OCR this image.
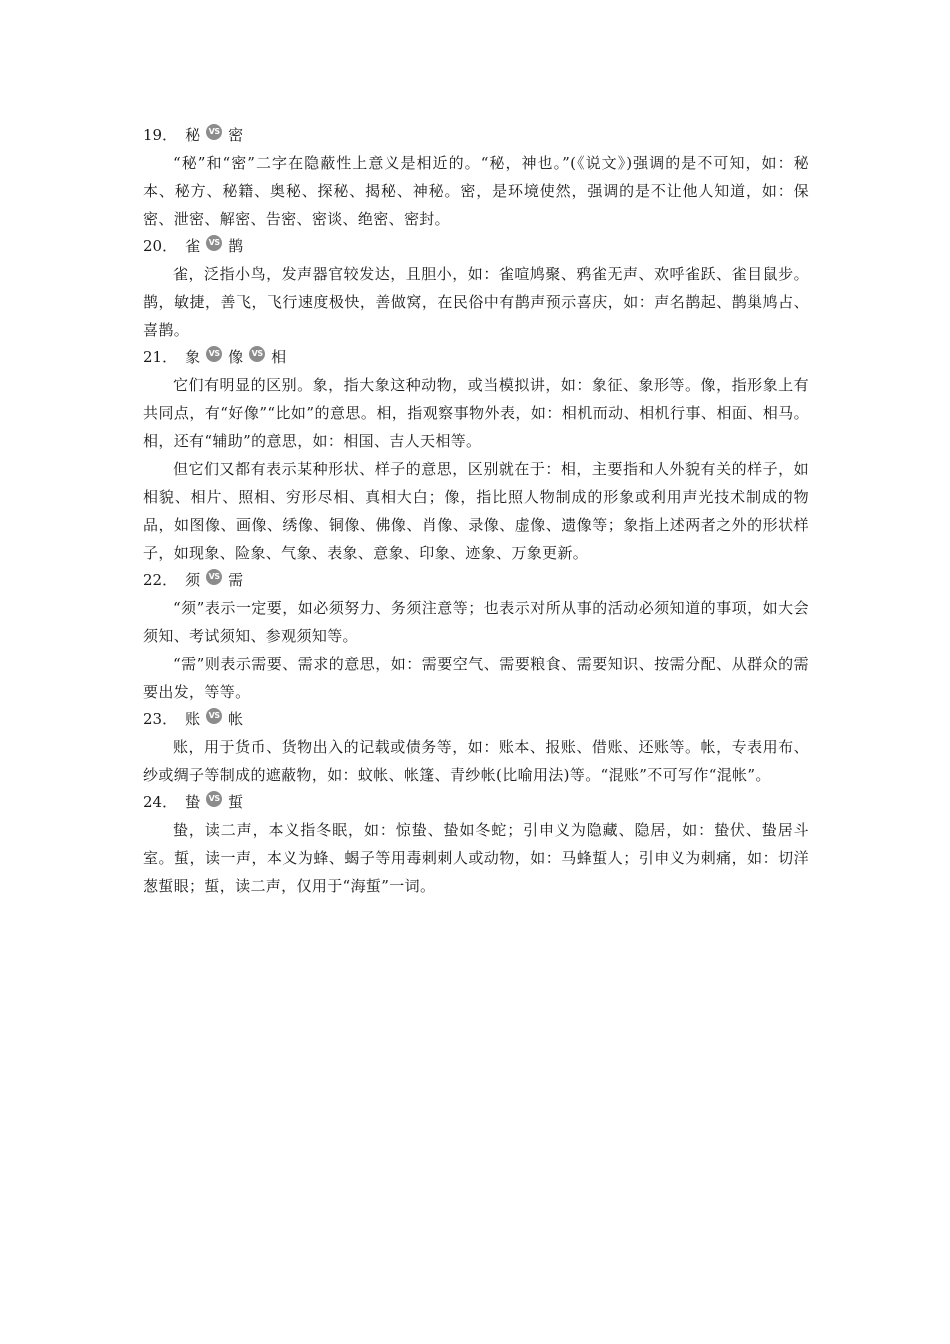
19． 秘	VS 密

“秘”和“密”二字在隐蔽性上意义是相近的。“秘，神也。”(《说文》)强调的是不可知，如：秘本、秘方、秘籍、奥秘、探秘、揭秘、神秘。密，是环境使然，强调的是不让他人知道，如：保密、泄密、解密、告密、密谈、绝密、密封。

20． 雀	VS 鹊

雀，泛指小鸟，发声器官较发达，且胆小，如：雀喧鸠聚、鸦雀无声、欢呼雀跃、雀目鼠步。鹊，敏捷，善飞，飞行速度极快，善做窝，在民俗中有鹊声预示喜庆，如：声名鹊起、鹊巢鸠占、喜鹊。

21． 象	VS 像	VS 相

它们有明显的区别。象，指大象这种动物，或当模拟讲，如：象征、象形等。像，指形象上有共同点，有“好像”“比如”的意思。相，指观察事物外表，如：相机而动、相机行事、相面、相马。相，还有“辅助”的意思，如：相国、吉人天相等。

但它们又都有表示某种形状、样子的意思，区别就在于：相，主要指和人外貌有关的样子，如相貌、相片、照相、穷形尽相、真相大白；像，指比照人物制成的形象或利用声光技术制成的物品，如图像、画像、绣像、铜像、佛像、肖像、录像、虚像、遗像等；象指上述两者之外的形状样子，如现象、险象、气象、表象、意象、印象、迹象、万象更新。

22． 须	VS 需

“须”表示一定要，如必须努力、务须注意等；也表示对所从事的活动必须知道的事项，如大会须知、考试须知、参观须知等。

“需”则表示需要、需求的意思，如：需要空气、需要粮食、需要知识、按需分配、从群众的需要出发，等等。

23． 账	VS 帐

账，用于货币、货物出入的记载或债务等，如：账本、报账、借账、还账等。帐，专表用布、纱或绸子等制成的遮蔽物，如：蚊帐、帐篷、青纱帐(比喻用法)等。“混账”不可写作“混帐”。

24． 蛰	VS 蜇

蛰，读二声，本义指冬眠，如：惊蛰、蛰如冬蛇；引申义为隐藏、隐居，如：蛰伏、蛰居斗室。蜇，读一声，本义为蜂、蝎子等用毒刺刺人或动物，如：马蜂蜇人；引申义为刺痛，如：切洋葱蜇眼；蜇，读二声，仅用于“海蜇”一词。
